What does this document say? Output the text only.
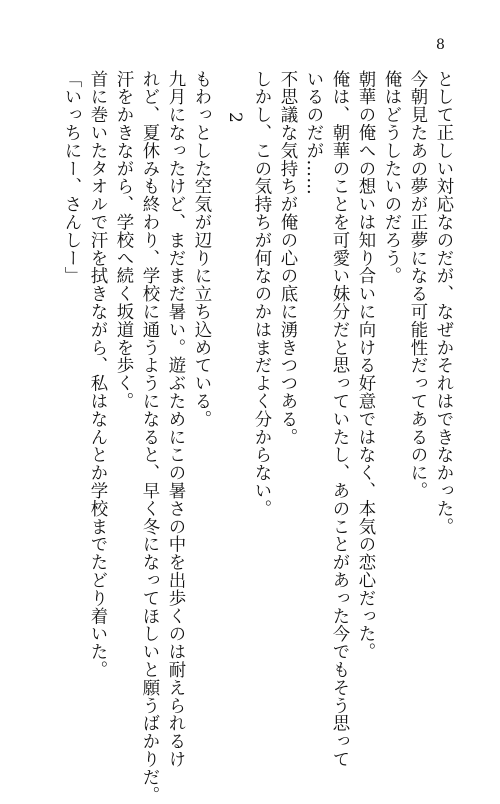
8
として正しい対応なのだが、なぜかそれはできなかった。
今朝見たあの夢が正夢になる可能性だってあるのに。
俺はどうしたいのだろう。
朝華の俺への想いは知り合いに向ける好意ではなく、本気の恋心だった。
俺は、朝華のことを可愛い妹分だと思っていたし、あのことがあった今でもそう思って
いるのだが……
不思議な気持ちが俺の心の底に湧きつつある。
しかし、この気持ちが何なのかはまだよく分からない。
2
もわっとした空気が辺りに立ち込めている。
九月になったけど、まだまだ暑い。遊ぶためにこの暑さの中を出歩くのは耐えられるけ
れど、夏休みも終わり、学校に通うようになると、早く冬になってほしいと願うばかりだ。
汗をかきながら、学校へ続く坂道を歩く。
首に巻いたタオルで汗を拭きながら、私はなんとか学校までたどり着いた。
「いっちにー、さんしー」
